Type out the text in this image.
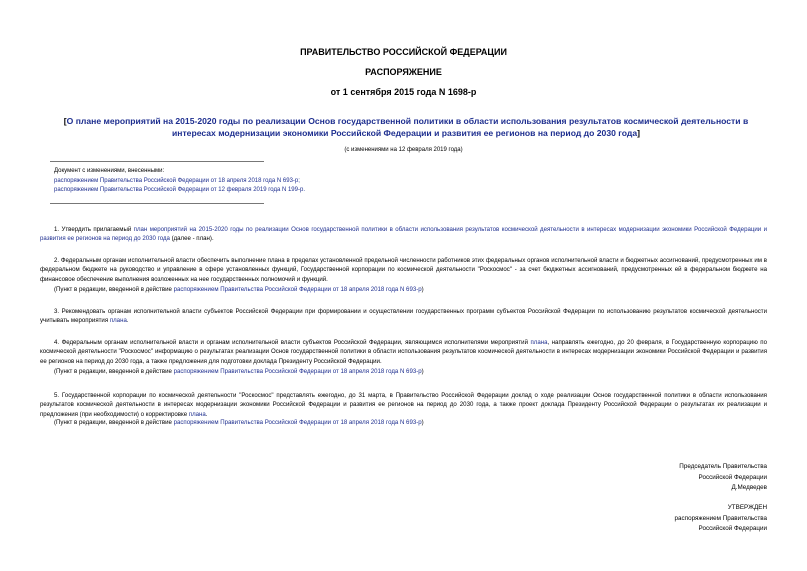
ПРАВИТЕЛЬСТВО РОССИЙСКОЙ ФЕДЕРАЦИИ
РАСПОРЯЖЕНИЕ
от 1 сентября 2015 года N 1698-р
[О плане мероприятий на 2015-2020 годы по реализации Основ государственной политики в области использования результатов космической деятельности в интересах модернизации экономики Российской Федерации и развития ее регионов на период до 2030 года]
(с изменениями на 12 февраля 2019 года)
Документ с изменениями, внесенными:
распоряжением Правительства Российской Федерации от 18 апреля 2018 года N 693-р;
распоряжением Правительства Российской Федерации от 12 февраля 2019 года N 199-р.
1. Утвердить прилагаемый план мероприятий на 2015-2020 годы по реализации Основ государственной политики в области использования результатов космической деятельности в интересах модернизации экономики Российской Федерации и развития ее регионов на период до 2030 года (далее - план).
2. Федеральным органам исполнительной власти обеспечить выполнение плана в пределах установленной предельной численности работников этих федеральных органов исполнительной власти и бюджетных ассигнований, предусмотренных им в федеральном бюджете на руководство и управление в сфере установленных функций, Государственной корпорации по космической деятельности "Роскосмос" - за счет бюджетных ассигнований, предусмотренных ей в федеральном бюджете на финансовое обеспечение выполнения возложенных на нее государственных полномочий и функций.
(Пункт в редакции, введенной в действие распоряжением Правительства Российской Федерации от 18 апреля 2018 года N 693-р)
3. Рекомендовать органам исполнительной власти субъектов Российской Федерации при формировании и осуществлении государственных программ субъектов Российской Федерации по использованию результатов космической деятельности учитывать мероприятия плана.
4. Федеральным органам исполнительной власти и органам исполнительной власти субъектов Российской Федерации, являющимся исполнителями мероприятий плана, направлять ежегодно, до 20 февраля, в Государственную корпорацию по космической деятельности "Роскосмос" информацию о результатах реализации Основ государственной политики в области использования результатов космической деятельности в интересах модернизации экономики Российской Федерации и развития ее регионов на период до 2030 года, а также предложения для подготовки доклада Президенту Российской Федерации.
(Пункт в редакции, введенной в действие распоряжением Правительства Российской Федерации от 18 апреля 2018 года N 693-р)
5. Государственной корпорации по космической деятельности "Роскосмос" представлять ежегодно, до 31 марта, в Правительство Российской Федерации доклад о ходе реализации Основ государственной политики в области использования результатов космической деятельности в интересах модернизации экономики Российской Федерации и развития ее регионов на период до 2030 года, а также проект доклада Президенту Российской Федерации о результатах их реализации и предложения (при необходимости) о корректировке плана.
(Пункт в редакции, введенной в действие распоряжением Правительства Российской Федерации от 18 апреля 2018 года N 693-р)
Председатель Правительства
Российской Федерации
Д.Медведев
УТВЕРЖДЕН
распоряжением Правительства
Российской Федерации
